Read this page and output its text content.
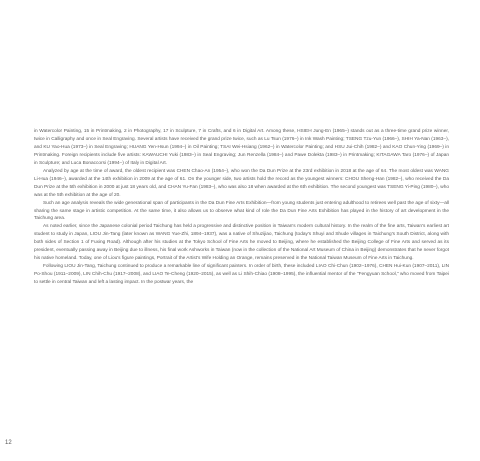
in Watercolor Painting, 15 in Printmaking, 2 in Photography, 17 in Sculpture, 7 in Crafts, and 6 in Digital Art. Among these, HSIEH Jung-En (1965–) stands out as a three-time grand prize winner, twice in Calligraphy and once in Seal Engraving. Several artists have received the grand prize twice, such as Lu Tsun (1976–) in Ink Wash Painting; TSENG Tzu-Yun (1966–), SHIH Ya-Nan (1963–), and KU Yao-Hua (1973–) in Seal Engraving; HUANG Yen-Hsun (1994–) in Oil Painting; TSAI Wei-Hsiang (1962–) in Watercolor Painting; and HSU Jui-Chih (1982–) and KAO Chun-Ying (1969–) in Printmaking. Foreign recipients include five artists: KAWAUCHI Yuki (1983–) in Seal Engraving; Jun Renzella (1984–) and Pawe Dolekta (1983–) in Printmaking; KITAGAWA Taro (1976–) of Japan in Sculpture; and Luca Bonaccorsi (1994–) of Italy in Digital Art.

Analyzed by age at the time of award, the oldest recipient was CHEN Chao-An (1954–), who won the Da Dun Prize at the 23rd exhibition in 2018 at the age of 64. The most oldest was WANG Li-Hua (1946–), awarded at the 14th exhibition in 2009 at the age of 61. On the younger side, two artists hold the record as the youngest winners: CHOU Sheng-Han (1982–), who received the Da Dun Prize at the 5th exhibition in 2000 at just 18 years old, and CHAN Yu-Fan (1983–), who was also 18 when awarded at the 6th exhibition. The second youngest was TSENG Yi-Ping (1980–), who was at the 5th exhibition at the age of 20.

Such an age analysis reveals the wide generational span of participants in the Da Dun Fine Arts Exhibition—from young students just entering adulthood to retirees well past the age of sixty—all sharing the same stage in artistic competition. At the same time, it also allows us to observe what kind of role the Da Dun Fine Arts Exhibition has played in the history of art development in the Taichung area.

As noted earlier, since the Japanese colonial period Taichung has held a progressive and distinctive position in Taiwan's modern cultural history. In the realm of the fine arts, Taiwan's earliest art student to study in Japan, LIOU Jin-Tang (later known as WANG Yue-Zhi, 1894–1937), was a native of Shuzijiao, Taichung (today's Shuyi and Shude villages in Taichung's South District, along with both sides of Section 1 of Fuxing Road). Although after his studies at the Tokyo School of Fine Arts he moved to Beijing, where he established the Beijing College of Fine Arts and served as its president, eventually passing away in Beijing due to illness, his final work Ashworks in Taiwan (now in the collection of the National Art Museum of China in Beijing) demonstrates that he never forgot his native homeland. Today, one of Liou's figure paintings, Portrait of the Artist's Wife Holding an Orange, remains preserved in the National Taiwan Museum of Fine Arts in Taichung.

Following LIOU Jin-Tang, Taichung continued to produce a remarkable line of significant painters. In order of birth, these included LIAO Chi-Chun (1902–1976), CHEN Hui-Kun (1907–2011), LIN Po-Shou (1911–2009), LIN Chih-Chu (1917–2008), and LIAO Te-Cheng (1920–2015), as well as Li Shih-Chiao (1908–1995), the influential mentor of the "Fengyuan School," who moved from Taipei to settle in central Taiwan and left a lasting impact. In the postwar years, the

12
